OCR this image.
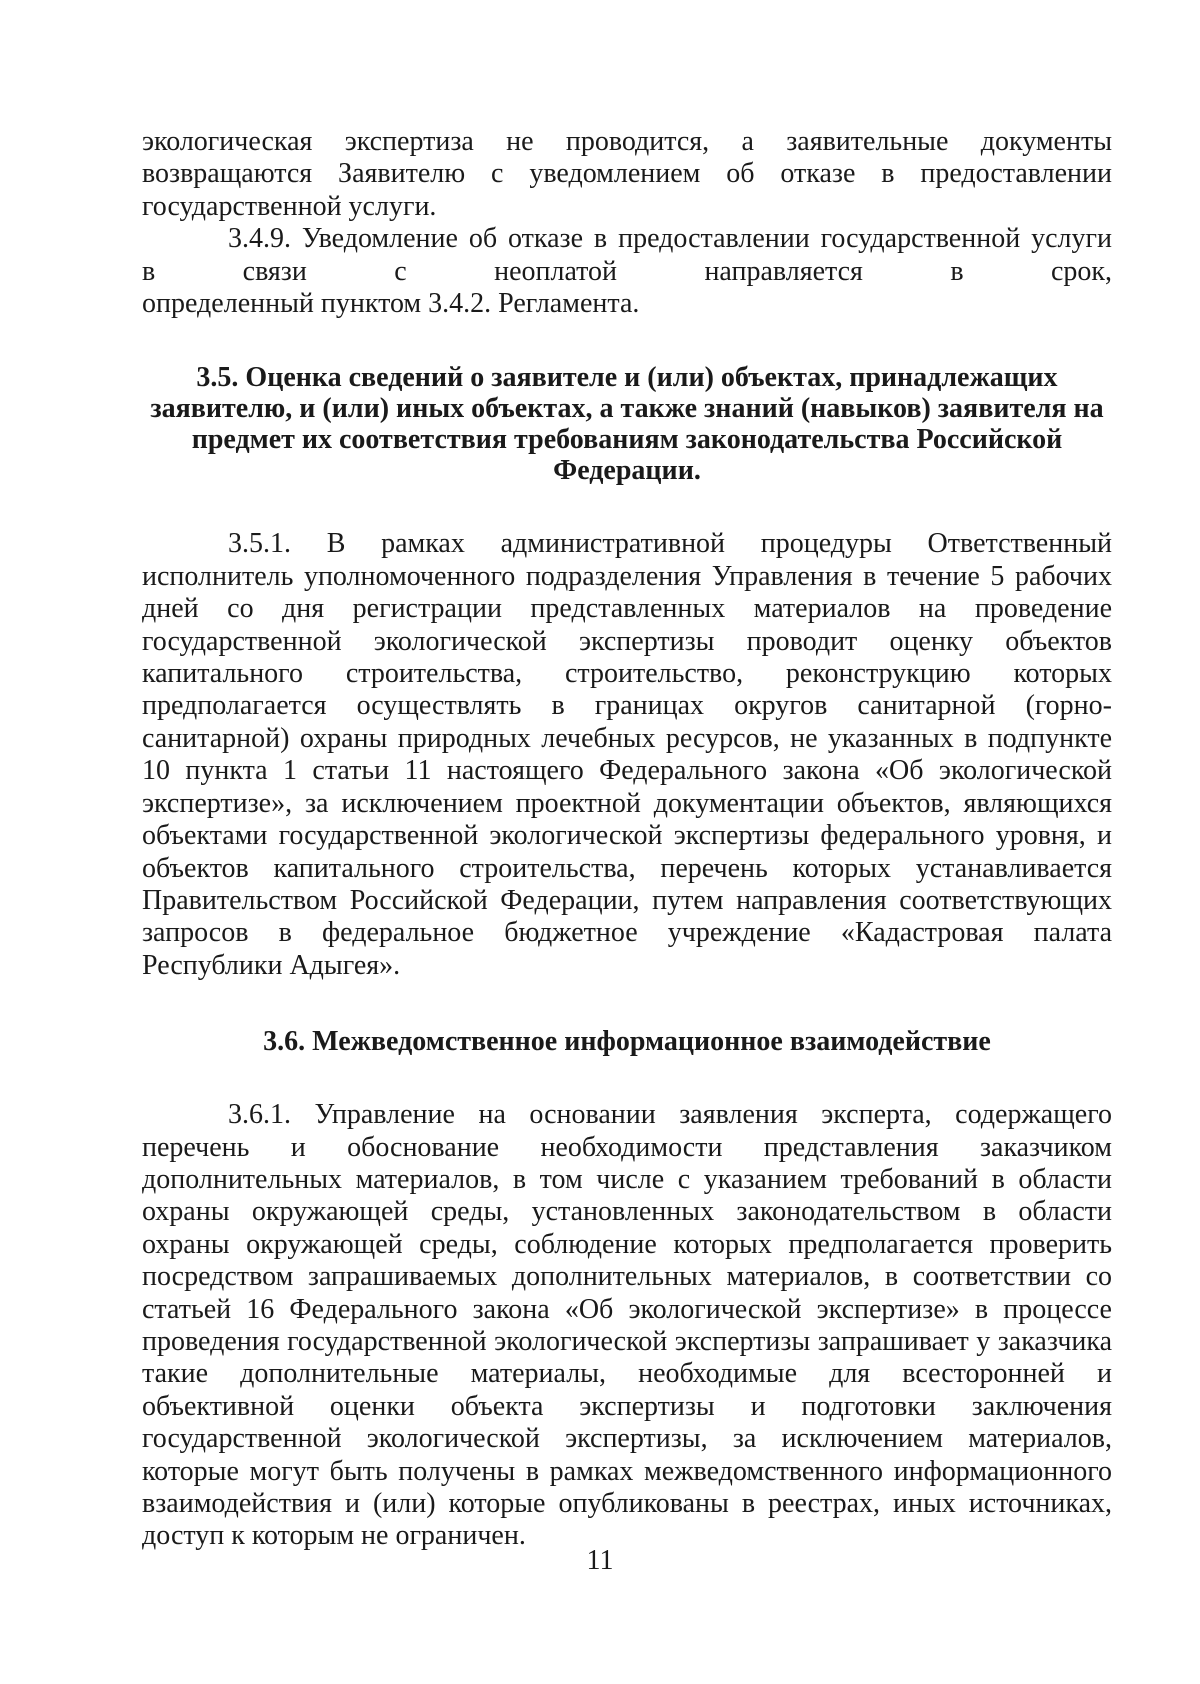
экологическая экспертиза не проводится, а заявительные документы возвращаются Заявителю с уведомлением об отказе в предоставлении государственной услуги.

3.4.9. Уведомление об отказе в предоставлении государственной услуги

в связи с неоплатой направляется в срок,

определенный пунктом 3.4.2. Регламента.

3.5. Оценка сведений о заявителе и (или) объектах, принадлежащих заявителю, и (или) иных объектах, а также знаний (навыков) заявителя на предмет их соответствия требованиям законодательства Российской Федерации.

3.5.1. В рамках административной процедуры Ответственный исполнитель уполномоченного подразделения Управления в течение 5 рабочих дней со дня регистрации представленных материалов на проведение государственной экологической экспертизы проводит оценку объектов капитального строительства, строительство, реконструкцию которых предполагается осуществлять в границах округов санитарной (горно-санитарной) охраны природных лечебных ресурсов, не указанных в подпункте 10 пункта 1 статьи 11 настоящего Федерального закона «Об экологической экспертизе», за исключением проектной документации объектов, являющихся объектами государственной экологической экспертизы федерального уровня, и объектов капитального строительства, перечень которых устанавливается Правительством Российской Федерации, путем направления соответствующих запросов в федеральное бюджетное учреждение «Кадастровая палата Республики Адыгея».

3.6. Межведомственное информационное взаимодействие

3.6.1. Управление на основании заявления эксперта, содержащего перечень и обоснование необходимости представления заказчиком дополнительных материалов, в том числе с указанием требований в области охраны окружающей среды, установленных законодательством в области охраны окружающей среды, соблюдение которых предполагается проверить посредством запрашиваемых дополнительных материалов, в соответствии со статьей 16 Федерального закона «Об экологической экспертизе» в процессе проведения государственной экологической экспертизы запрашивает у заказчика такие дополнительные материалы, необходимые для всесторонней и объективной оценки объекта экспертизы и подготовки заключения государственной экологической экспертизы, за исключением материалов, которые могут быть получены в рамках межведомственного информационного взаимодействия и (или) которые опубликованы в реестрах, иных источниках, доступ к которым не ограничен.

11
